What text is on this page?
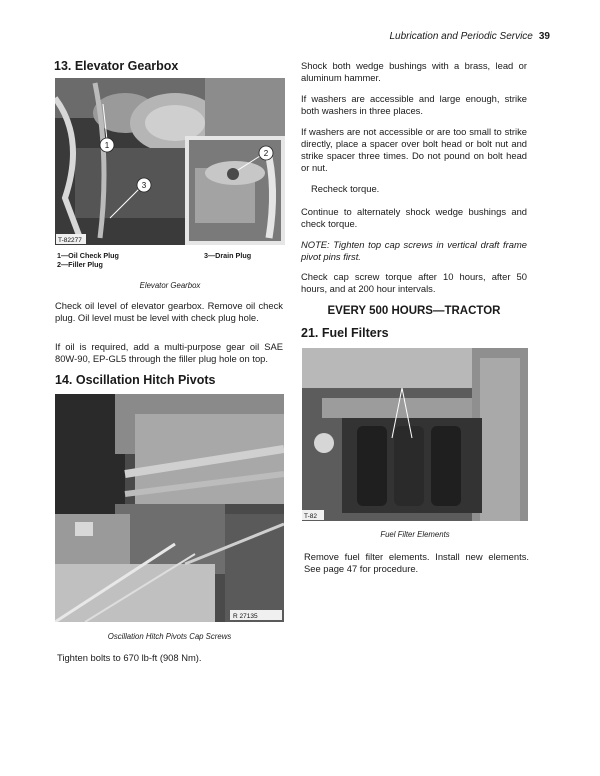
Lubrication and Periodic Service 39
13. Elevator Gearbox
1
2
3
T-82277
1—Oil Check Plug
2—Filler Plug
3—Drain Plug
Elevator Gearbox
Check oil level of elevator gearbox. Remove oil check plug. Oil level must be level with check plug hole.
If oil is required, add a multi-purpose gear oil SAE 80W-90, EP-GL5 through the filler plug hole on top.
14. Oscillation Hitch Pivots
R 27135
Oscillation Hitch Pivots Cap Screws
Tighten bolts to 670 lb-ft (908 Nm).
Shock both wedge bushings with a brass, lead or aluminum hammer.
If washers are accessible and large enough, strike both washers in three places.
If washers are not accessible or are too small to strike directly, place a spacer over bolt head or bolt nut and strike spacer three times. Do not pound on bolt head or nut.
Recheck torque.
Continue to alternately shock wedge bushings and check torque.
NOTE: Tighten top cap screws in vertical draft frame pivot pins first.
Check cap screw torque after 10 hours, after 50 hours, and at 200 hour intervals.
EVERY 500 HOURS—TRACTOR
21. Fuel Filters
T-82
Fuel Filter Elements
Remove fuel filter elements. Install new elements. See page 47 for procedure.
